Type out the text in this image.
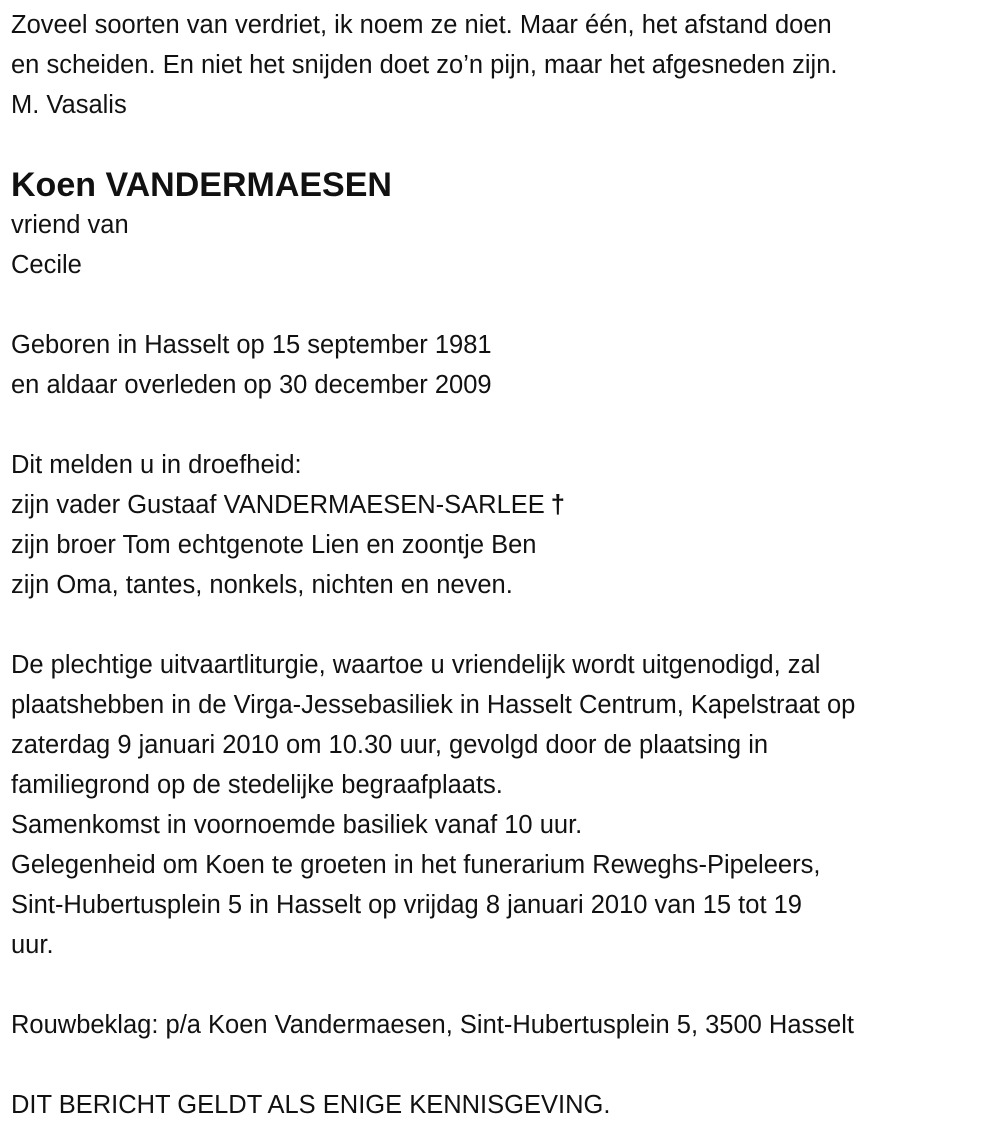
Zoveel soorten van verdriet, ik noem ze niet. Maar één, het afstand doen
en scheiden. En niet het snijden doet zo’n pijn, maar het afgesneden zijn.
M. Vasalis
Koen VANDERMAESEN
vriend van
Cecile
Geboren in Hasselt op 15 september 1981
en aldaar overleden op 30 december 2009
Dit melden u in droefheid:
zijn vader Gustaaf VANDERMAESEN-SARLEE †
zijn broer Tom echtgenote Lien en zoontje Ben
zijn Oma, tantes, nonkels, nichten en neven.
De plechtige uitvaartliturgie, waartoe u vriendelijk wordt uitgenodigd, zal
plaatshebben in de Virga-Jessebasiliek in Hasselt Centrum, Kapelstraat op
zaterdag 9 januari 2010 om 10.30 uur, gevolgd door de plaatsing in
familiegrond op de stedelijke begraafplaats.
Samenkomst in voornoemde basiliek vanaf 10 uur.
Gelegenheid om Koen te groeten in het funerarium Reweghs-Pipeleers,
Sint-Hubertusplein 5 in Hasselt op vrijdag 8 januari 2010 van 15 tot 19
uur.
Rouwbeklag: p/a Koen Vandermaesen, Sint-Hubertusplein 5, 3500 Hasselt
DIT BERICHT GELDT ALS ENIGE KENNISGEVING.
